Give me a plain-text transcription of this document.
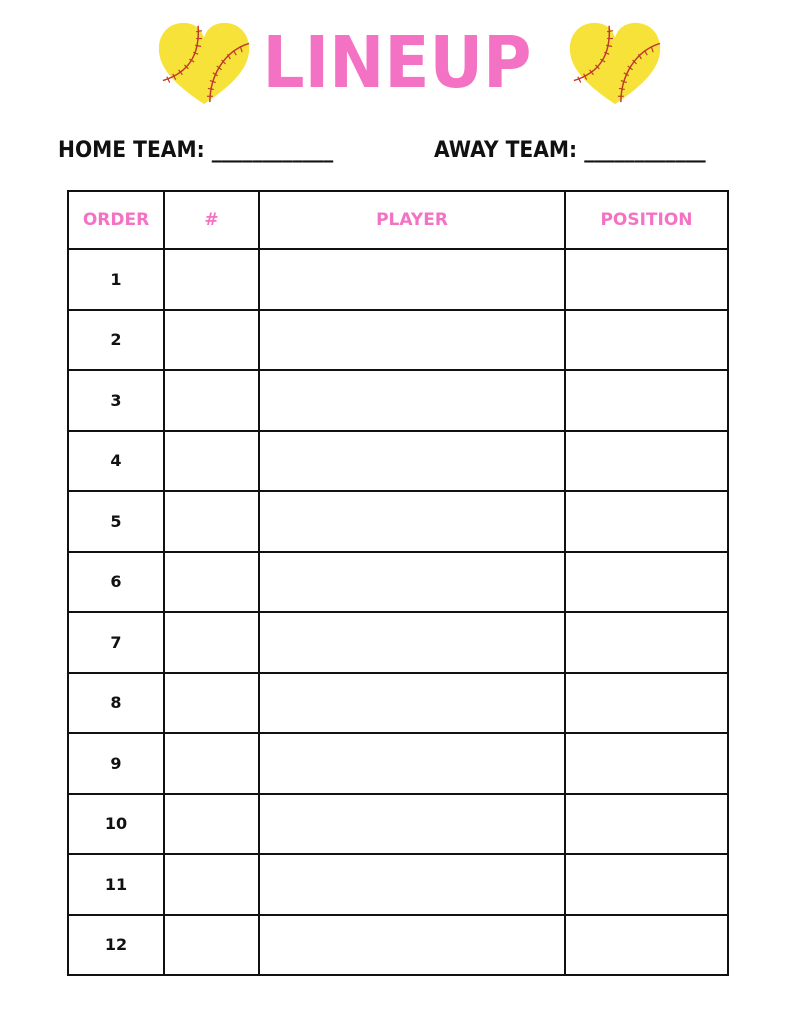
LINEUP
HOME TEAM: ____________	AWAY TEAM: ____________
ORDER	#	PLAYER	POSITION
1			
2			
3			
4			
5			
6			
7			
8			
9			
10			
11			
12			
